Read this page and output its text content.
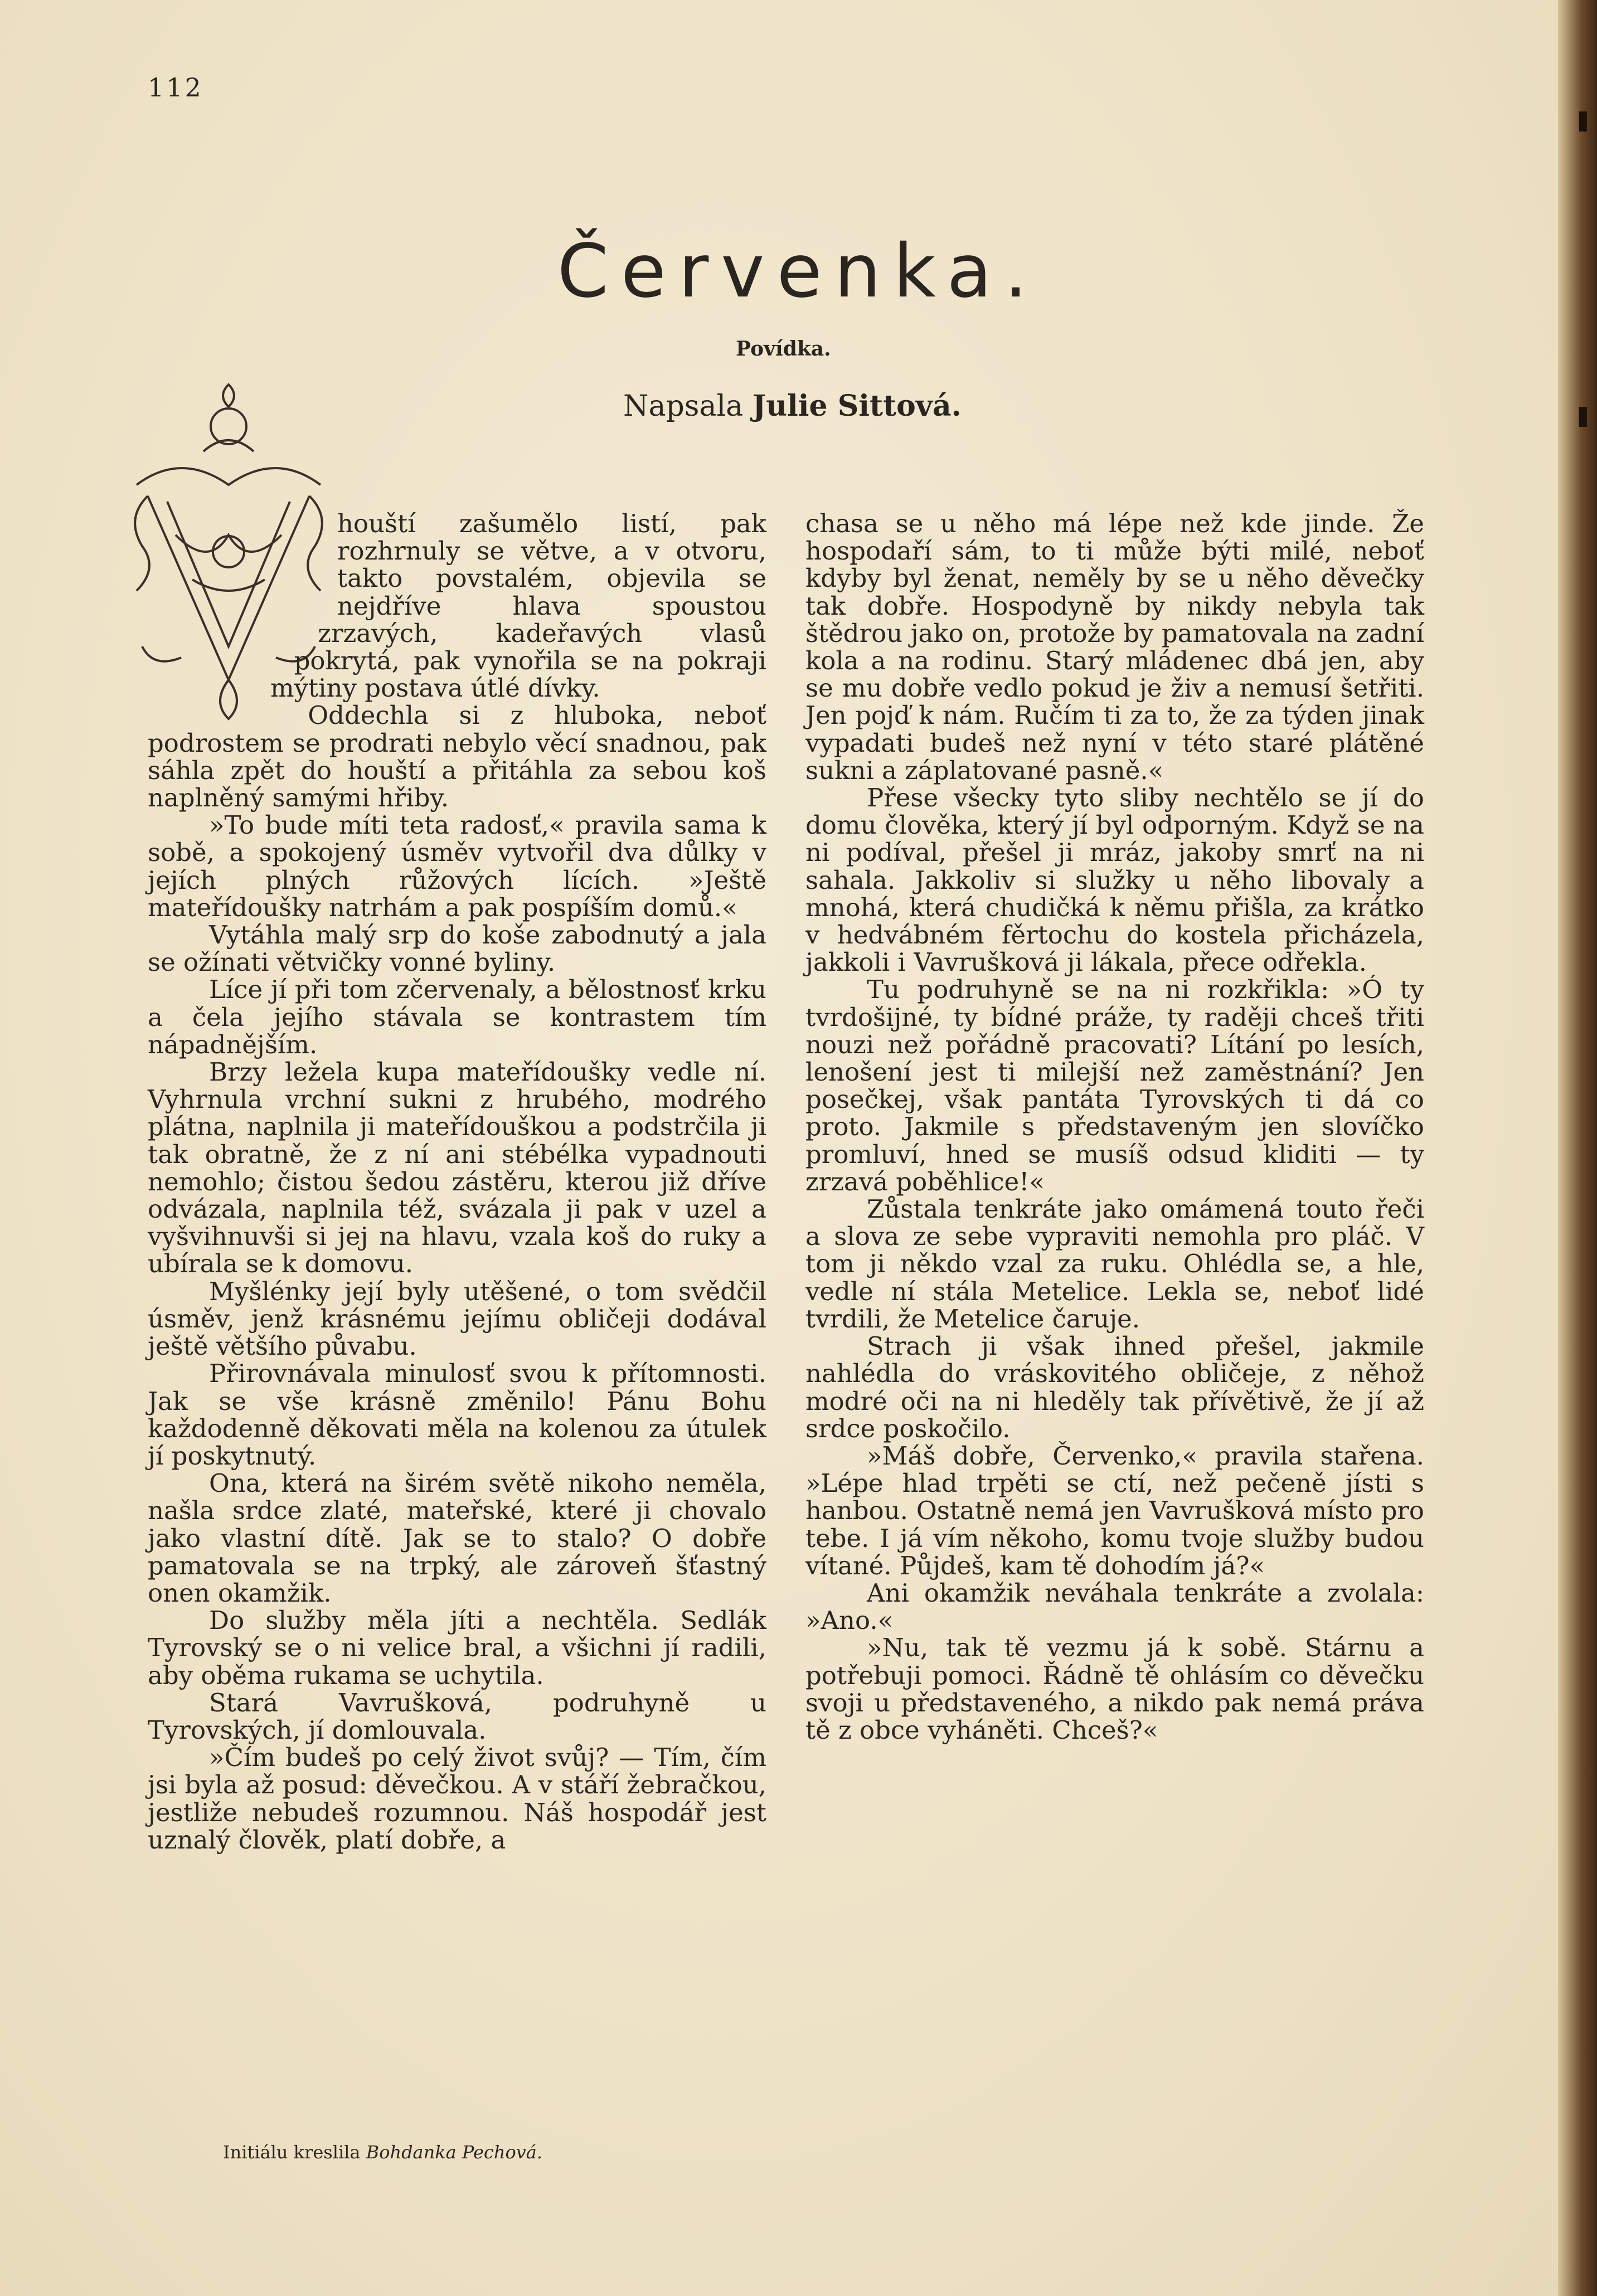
112
Červenka.
Povídka.
Napsala Julie Sittová.

houští zašumělo listí, pak rozhrnuly se větve, a v otvoru, takto povstalém, objevila se nejdříve hlava spoustou zrzavých, kadeřavých vlasů pokrytá, pak vynořila se na pokraji mýtiny postava útlé dívky.

Oddechla si z hluboka, neboť podrostem se prodrati nebylo věcí snadnou, pak sáhla zpět do houští a přitáhla za sebou koš naplněný samými hřiby.

»To bude míti teta radosť,« pravila sama k sobě, a spokojený úsměv vytvořil dva důlky v jejích plných růžových lících. »Ještě mateřídoušky natrhám a pak pospíším domů.«

Vytáhla malý srp do koše zabodnutý a jala se ožínati větvičky vonné byliny.

Líce jí při tom zčervenaly, a bělostnosť krku a čela jejího stávala se kontrastem tím nápadnějším.

Brzy ležela kupa mateřídoušky vedle ní. Vyhrnula vrchní sukni z hrubého, modrého plátna, naplnila ji mateřídouškou a podstrčila ji tak obratně, že z ní ani stébélka vypadnouti nemohlo; čistou šedou zástěru, kterou již dříve odvázala, naplnila též, svázala ji pak v uzel a vyšvihnuvši si jej na hlavu, vzala koš do ruky a ubírala se k domovu.

Myšlénky její byly utěšené, o tom svědčil úsměv, jenž krásnému jejímu obličeji dodával ještě většího půvabu.

Přirovnávala minulosť svou k přítomnosti. Jak se vše krásně změnilo! Pánu Bohu každodenně děkovati měla na kolenou za útulek jí poskytnutý.

Ona, která na širém světě nikoho neměla, našla srdce zlaté, mateřské, které ji chovalo jako vlastní dítě. Jak se to stalo? O dobře pamatovala se na trpký, ale zároveň šťastný onen okamžik.

Do služby měla jíti a nechtěla. Sedlák Tyrovský se o ni velice bral, a všichni jí radili, aby oběma rukama se uchytila.

Stará Vavrušková, podruhyně u Tyrovských, jí domlouvala.

»Čím budeš po celý život svůj? — Tím, čím jsi byla až posud: děvečkou. A v stáří žebračkou, jestliže nebudeš rozumnou. Náš hospodář jest uznalý člověk, platí dobře, a

chasa se u něho má lépe než kde jinde. Že hospodaří sám, to ti může býti milé, neboť kdyby byl ženat, neměly by se u něho děvečky tak dobře. Hospodyně by nikdy nebyla tak štědrou jako on, protože by pamatovala na zadní kola a na rodinu. Starý mládenec dbá jen, aby se mu dobře vedlo pokud je živ a nemusí šetřiti. Jen pojď k nám. Ručím ti za to, že za týden jinak vypadati budeš než nyní v této staré plátěné sukni a záplatované pasně.«

Přese všecky tyto sliby nechtělo se jí do domu člověka, který jí byl odporným. Když se na ni podíval, přešel ji mráz, jakoby smrť na ni sahala. Jakkoliv si služky u něho libovaly a mnohá, která chudičká k němu přišla, za krátko v hedvábném fěrtochu do kostela přicházela, jakkoli i Vavrušková ji lákala, přece odřekla.

Tu podruhyně se na ni rozkřikla: »Ó ty tvrdošijné, ty bídné práže, ty raději chceš třiti nouzi než pořádně pracovati? Lítání po lesích, lenošení jest ti milejší než zaměstnání? Jen posečkej, však pantáta Tyrovských ti dá co proto. Jakmile s představeným jen slovíčko promluví, hned se musíš odsud kliditi — ty zrzavá poběhlice!«

Zůstala tenkráte jako omámená touto řeči a slova ze sebe vypraviti nemohla pro pláč. V tom ji někdo vzal za ruku. Ohlédla se, a hle, vedle ní stála Metelice. Lekla se, neboť lidé tvrdili, že Metelice čaruje.

Strach ji však ihned přešel, jakmile nahlédla do vráskovitého obličeje, z něhož modré oči na ni hleděly tak přívětivě, že jí až srdce poskočilo.

»Máš dobře, Červenko,« pravila stařena. »Lépe hlad trpěti se ctí, než pečeně jísti s hanbou. Ostatně nemá jen Vavrušková místo pro tebe. I já vím někoho, komu tvoje služby budou vítané. Půjdeš, kam tě dohodím já?«

Ani okamžik neváhala tenkráte a zvolala: »Ano.«

»Nu, tak tě vezmu já k sobě. Stárnu a potřebuji pomoci. Řádně tě ohlásím co děvečku svoji u představeného, a nikdo pak nemá práva tě z obce vyháněti. Chceš?«

Initiálu kreslila Bohdanka Pechová.
